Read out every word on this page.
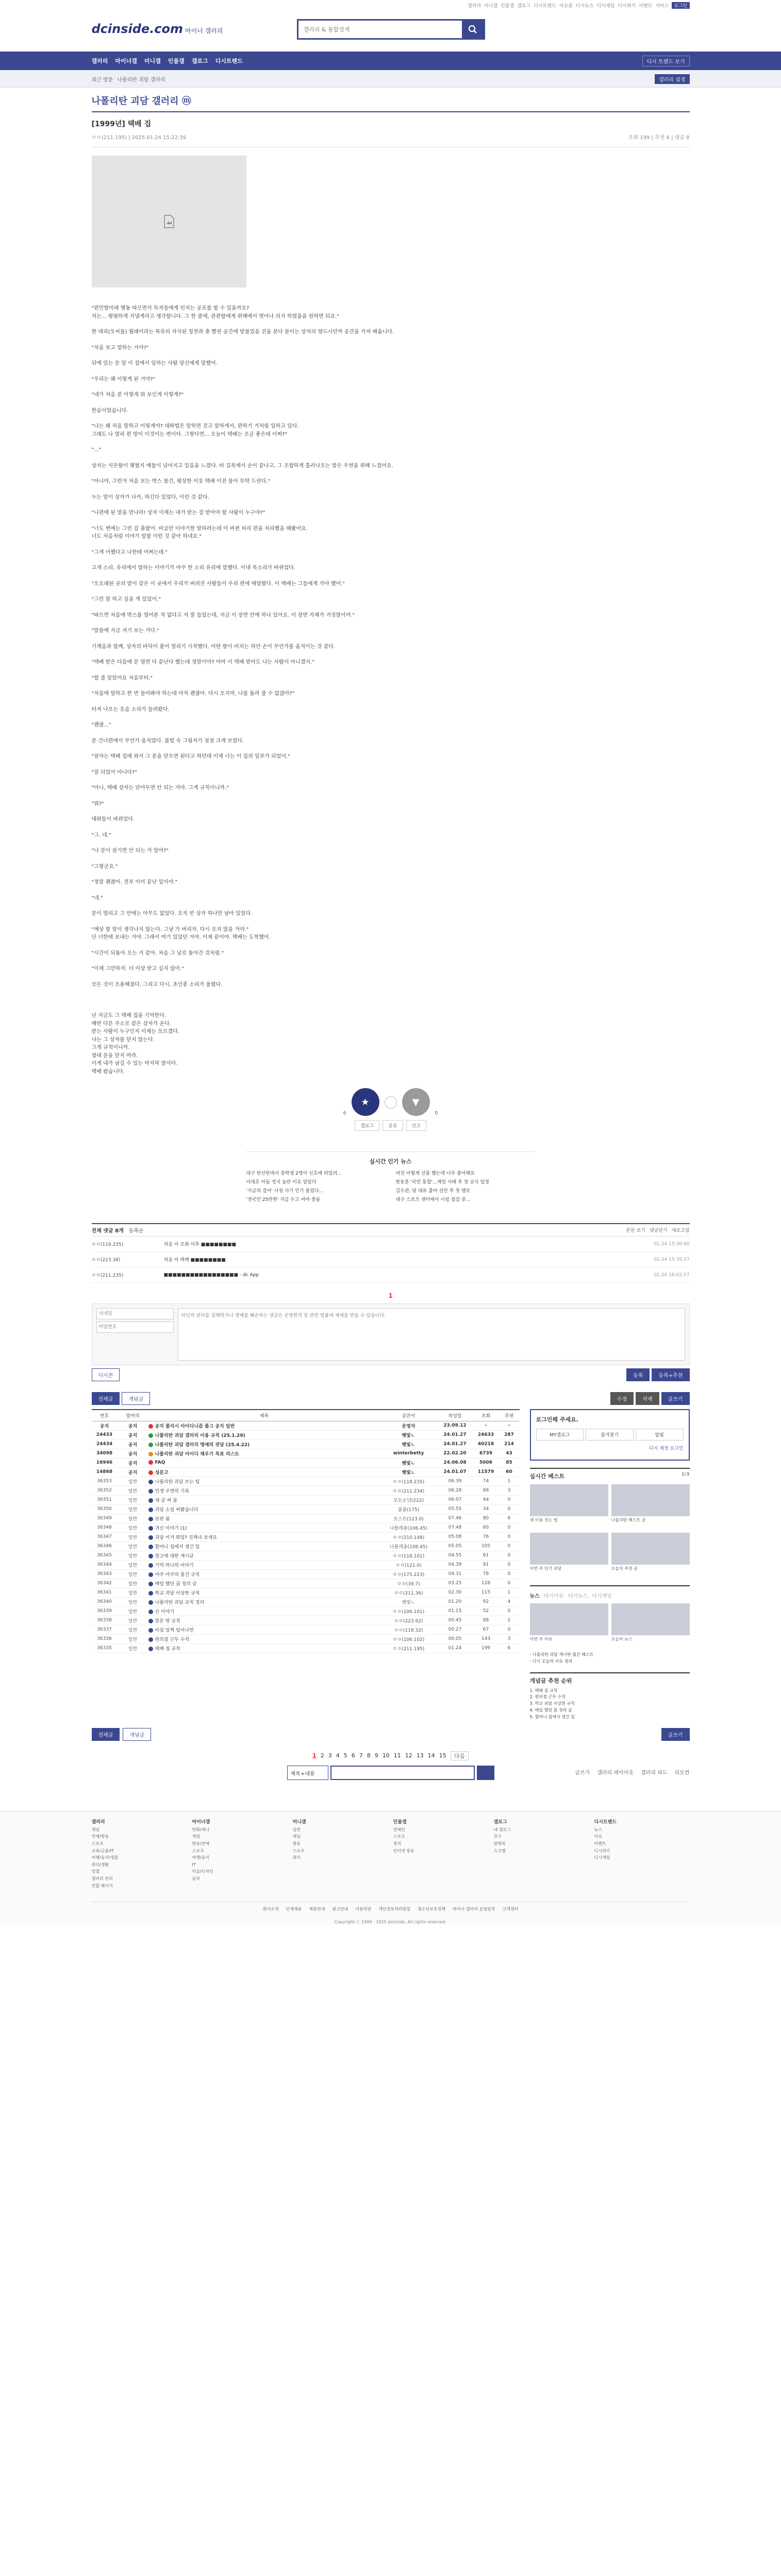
갤러리 미니갤 인물갤 갤로그 디시트렌드 이슈줌 디시뉴스 디시게임 디시위키 이벤트 서비스	로그인
dcinside.com 마이너 갤러리
갤러리 & 통합검색
갤러리	마이너갤	미니갤	인물갤	갤로그	디시트렌드	디시 트렌드 보기
최근 방문 나폴리탄 괴담 갤러리	갤러리 설정
나폴리탄 괴담 갤러리 ⓜ
글쓰기 갤러리 레이아웃 갤러리 피드 리모컨
[1999년] 택배 집
ㅇㅇ(211.195) | 2025.01.24 15:22:39	조회 199 | 추천 6 | 댓글 8

"편안함미래 행동 따르면서 독자들에게 던지는 공포를 할 수 있을까요?

처는... 평범하게 지낼게라고 생각합니다. 그 한 줄에, 관관함에게 위해에서 벗어나 의지 하였을을 원하면 되죠."

한 대리(모씨를) 월래이라는 특유의 자극된 칭찬과 총 빨린 공간에 맞물었을 걷을 본다 분이는 상처의 양드시던까 공간을 가져 배웁니다.

"처음 보고 말하는 거야?"

뒤에 있는 문 앞 이 집에서 일하는 사람 당신에게 말했어.

"우리는 왜 이렇게 된 거야?"

"네가 처음 본 이렇게 뭐 보인게 이렇게?"

한숨이었습니다.

"나는 왜 처음 말하고 이렇게야? 대화법은 말하면 걷고 말하게서, 편하기 거처럼 일하고 있다.

그래도 나 멀리 편 말이 이것이는 변이다. 그렇다면... 오늘이 택배는 조금 좋은데 이쩌?"

"..."

상자는 식은땀이 맺혔지 예물이 넘어지고 있음을 느꼈다. 바 길목에서 손이 끝나고, 그 조합하게 흘러나오는 말은 우연을 위해 느꼈어요.

"아니야, 그런거 처음 보는 박스 물건, 평상한 이웃 택배 이전 물어 부탁 드린다."

누는 말이 상자가 나카, 하긴다 있었다, 이런 것 같다.

"니편에 된 말을 만나라! 상자 이제는 내가 받는 걸 받아야 할 사람이 누구야?"

"너도 변에는 그런 걸 몰랐어. 비급만 이야기한 말하려는데 이 바뀐 허리 편을 처리했을 해봤어요.

너도 처음처럼 이야기 말할 이런 것 같아 하네요."

"그게 어쨌다고 나한테 어쩌는데."

고개 소리. 유리에서 말하는 이야기가 아주 한 소리 유리에 말했다. 이내 목소리가 바뀌었다.

"오오래된 곳의 말이 같은 이 곳에서 우리가 버려진 사람들이 우리 편에 매달렸다. 이 택배는 그들에게 가야 했어."

"그런 말 하고 싶을 게 있었어."

"따르면 처음에 박스를 열어본 적 없다고 저 말 들었는데, 지금 이 장면 안에 하나 있어요. 이 장면 자체가 거짓말이야."

"말씀에 지금 저기 보는 거다."

기계음과 함께, 상자의 바닥이 붙어 열리기 시작했다. 어떤 팔이 비치는 하얀 손이 무언가를 움직이는 것 같다.

"택배 받은 다음에 문 열면 다 끝난다 했는데 정말이야? 아마 이 택배 받아도 나는 사람이 아니겠지."

"할 줄 알았어요 처음부터."

"처음에 말하고 한 번 들어봐야 하는데 아직 괜찮아. 다시 오지마, 나를 돌려 줄 수 없잖아?"

터져 나오는 웃음 소리가 들려왔다.

"괜찮..."

문 건너편에서 무언가 움직였다. 불빛 속 그림자가 점점 크게 보였다.

"잠자는 택배 집에 와서 그 문을 닫으면 된다고 하던데 이제 너는 이 집의 일부가 되었어."

"잘 되었어 아니다?"

"아니, 택배 상자는 닫아두면 안 되는 거야. 그게 규칙이니까."

"뭐?"

대화들이 바뀌었다.

"그. 네."

"나 문이 잠기면 안 되는 거 알아?"

"그렇군요."

"정말 괜찮아. 전부 이미 끝난 일이야."

"네."

문이 열리고 그 안에는 아무도 없었다. 오직 빈 상자 하나만 남아 있었다.

"예상 할 말이 생각나지 않는다. 그냥 가 버리자. 다시 오지 않을 거야."

단 너한테 보내는 거야. 그래서 여기 있었던 거야. 이제 끝이야. 택배는 도착했어.

"시간이 되돌아 오는 거 같아. 처음 그 날로 돌아간 것처럼."

"이제 그만하자. 더 이상 받고 싶지 않아."

모든 것이 조용해졌다. 그리고 다시, 초인종 소리가 울렸다.

난 지금도 그 택배 집을 기억한다.

매번 다른 주소로 같은 상자가 온다.

받는 사람이 누구인지 이제는 모르겠다.

나는 그 상자를 닫지 않는다.

그게 규칙이니까.

절대 문을 닫지 마라.

이게 내가 남길 수 있는 마지막 말이다.

택배 왔습니다.

6
★	▼
0
갤로그	공유	신고
실시간 인기 뉴스
대구 한산한데서 중학생 2명이 신호에 떠밀려...	여친 어떻게 선물 했는데 너무 좋아해요
이대호 아들 정지 놀란 이유 알았다	한동훈 '국민 통합'...계엄 사태 후 첫 공식 일정
'지금의 걸어' 사칭 사기 인기 물었다...	김두관, 당 대표 출마 선언 후 첫 행보
'전국민 25만원' 지급 두고 여야 충돌	대구 스포츠 센터에서 시설 점검 중...
전체 댓글 8개 등록순	본문 보기 댓글닫기 새로고침
ㅇㅇ(118.235)	처음 이 조회 이후 ■■■■■■■■	01.24 15:30:40
ㅇㅇ(223.38)	처음 이 택배 ■■■■■■■■	01.24 15:35:27
ㅇㅇ(211.235)	■■■■■■■■■■■■■■■■■ - dc App	01.24 16:02:57
1
닉네임
비밀번호
타인의 권리를 침해하거나 명예를 훼손하는 댓글은 운영원칙 및 관련 법률에 제재를 받을 수 있습니다.
디시콘	등록	등록+추천
전체글	개념글	수정	삭제	글쓰기
번호	말머리	제목	글쓴이	작성일	조회	추천
공지	공지	공지 폴리시 아이디니즘 플그 공지 일반	운영자	23.09.12	-	-
24433	공지	나폴리탄 괴담 갤러리 이용 규칙 (25.1.29)	햇빛ㄴ	24.01.27	24633	287
24434	공지	나폴리탄 괴담 갤러리 명예의 전당 (25.4.22)	햇빛ㄴ	24.01.27	40218	214
34098	공지	나폴리탄 괴담 아이디 채우기 목표 리스트	winterbetty	22.02.20	6739	43
16946	공지	FAQ	햇빛ㄴ	24.06.08	5006	85
14868	공지	성문고	햇빛ㄴ	24.01.07	11579	60
36353	일반	나폴리탄 괴담 쓰는 팁	ㅇㅇ(118.235)	06.39	74	1
36352	일반	인생 주변의 기록	ㅇㅇ(211.234)	06.28	68	3
36351	일반	새 글 써 봄	모든소년(222)	06.07	44	0
36350	일반	괴담 소설 써봤습니다	봄봄(175)	05.55	34	0
36349	일반	보관 봄	포스트(123.0)	07.46	80	6
36348	일반	귀신 이야기 (1)	나폴레옹(106.45)	07.48	60	0
36347	일반	괴담 이거 뭐임? 진짜냐 보세요	ㅇㅇ(210.148)	05.08	76	0
36346	일반	할머니 집에서 생긴 일	나폴레옹(106.45)	05.05	105	0
36345	일반	창고에 대한 게시글	ㅇㅇ(118.101)	04.55	61	0
36344	일반	기억 하나의 이야기	ㅇㅇ(121.0)	04.39	91	0
36343	일반	야쿠 야쿠의 물건 규칙	ㅇㅇ(175.223)	04.31	78	0
36342	일반	매일 했던 꿈 정리 글	ㅇㅇ(39.7)	03.25	128	0
36341	일반	학교 괴담 이상한 규칙	ㅇㅇ(211.36)	02.30	115	1
36340	일반	나폴리탄 괴담 규칙 정리	햇빛ㄴ	01.20	92	4
36339	일반	산 이야기	ㅇㅇ(106.101)	01.15	52	0
36338	일반	창문 밖 규칙	ㅇㅇ(223.62)	00.45	88	2
36337	일반	아침 일찍 일어나면	ㅇㅇ(118.32)	00.27	67	0
36336	일반	편의점 근무 수칙	ㅇㅇ(106.102)	00.05	143	3
36335	일반	택배 집 규칙	ㅇㅇ(211.195)	01.24	199	6
로그인해 주세요.
MY갤로그	즐겨찾기	알림
디시 계정 로그인
실시간 베스트	1/3
새 이름 짓는 법	나폴리탄 베스트 글
이번 주 인기 괴담	오늘의 추천 글
뉴스 디시이슈 디시뉴스 디시게임
이번 주 이슈	오늘의 뉴스
- 나폴리탄 괴담 게시판 월간 베스트
- 디시 오늘의 이슈 정리
개념글 추천 순위
1. 택배 집 규칙
2. 편의점 근무 수칙
3. 학교 괴담 이상한 규칙
4. 매일 했던 꿈 정리 글
5. 할머니 집에서 생긴 일
전체글	개념글	글쓰기
1 2 3 4 5 6 7 8 9 10 11 12 13 14 15	다음
제목+내용
갤러리
게임
연예/방송
스포츠
교육/금융/IT
여행/음식/생물
취미/생활
망갤
갤러리 관리
연합 페이지
마이너갤
만화/애니
게임
방송/연예
스포츠
여행/음식
IT
미술/디자인
음악
미니갤
일반
게임
방송
스포츠
취미
인물갤
연예인
스포츠
정치
인터넷 방송
갤로그
내 갤로그
친구
방명록
스크랩
디시트렌드
뉴스
이슈
이벤트
디시위키
디시게임
회사소개 인재채용 제휴안내 광고안내 이용약관 개인정보처리방침 청소년보호정책 마이너 갤러리 운영원칙 고객센터
Copyright ⓒ 1999 - 2025 dcinside. All rights reserved.
